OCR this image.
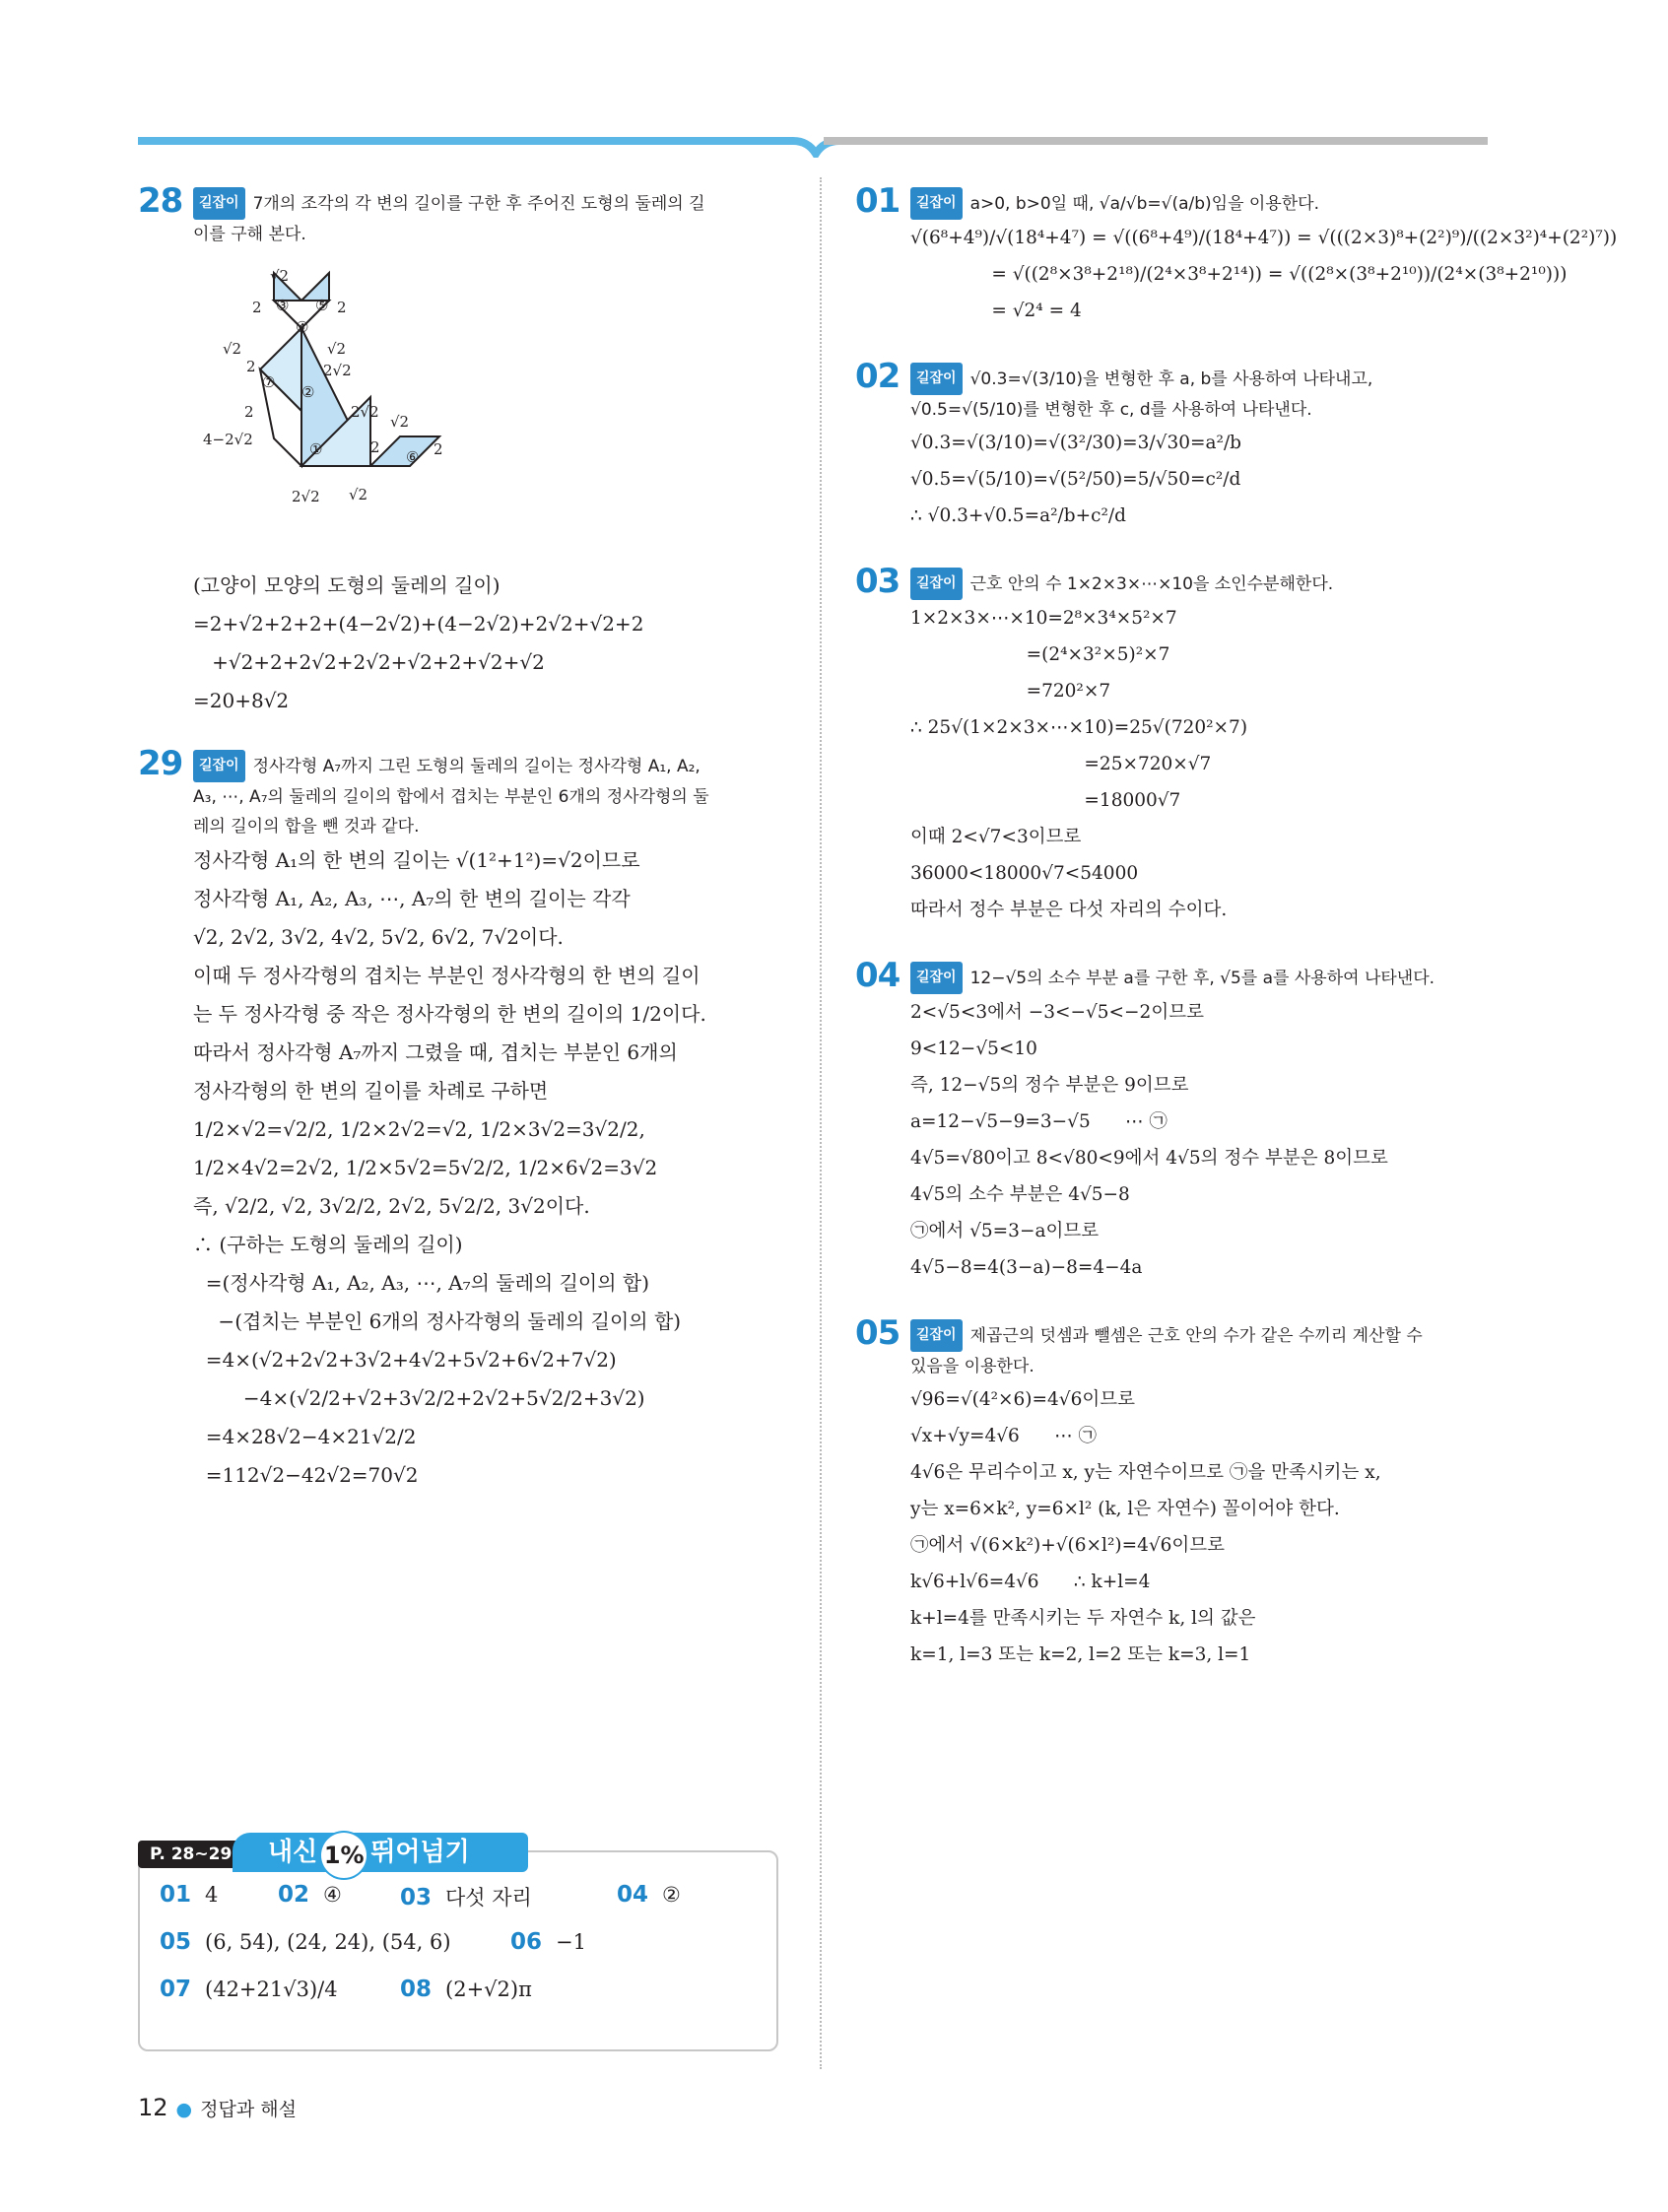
28	길잡이 7개의 조각의 각 변의 길이를 구한 후 주어진 도형의 둘레의 길
이를 구해 본다.
√2
2 ③ ⑤ 2
④
√2	√2
2	2√2
⑦
②
2	2√2
√2
4−2√2
①	⑥ 2
2√2 √2
2
(고양이 모양의 도형의 둘레의 길이)
=2+√2+2+2+(4−2√2)+(4−2√2)+2√2+√2+2
+√2+2+2√2+2√2+√2+2+√2+√2
=20+8√2
29	길잡이 정사각형 A₇까지 그린 도형의 둘레의 길이는 정사각형 A₁, A₂,
A₃, ⋯, A₇의 둘레의 길이의 합에서 겹치는 부분인 6개의 정사각형의 둘
레의 길이의 합을 뺀 것과 같다.
정사각형 A₁의 한 변의 길이는 √(1²+1²)=√2이므로
정사각형 A₁, A₂, A₃, ⋯, A₇의 한 변의 길이는 각각
√2, 2√2, 3√2, 4√2, 5√2, 6√2, 7√2이다.
이때 두 정사각형의 겹치는 부분인 정사각형의 한 변의 길이
는 두 정사각형 중 작은 정사각형의 한 변의 길이의 1/2이다.
따라서 정사각형 A₇까지 그렸을 때, 겹치는 부분인 6개의
정사각형의 한 변의 길이를 차례로 구하면
1/2×√2=√2/2, 1/2×2√2=√2, 1/2×3√2=3√2/2,
1/2×4√2=2√2, 1/2×5√2=5√2/2, 1/2×6√2=3√2
즉, √2/2, √2, 3√2/2, 2√2, 5√2/2, 3√2이다.
∴ (구하는 도형의 둘레의 길이)
=(정사각형 A₁, A₂, A₃, ⋯, A₇의 둘레의 길이의 합)
−(겹치는 부분인 6개의 정사각형의 둘레의 길이의 합)
=4×(√2+2√2+3√2+4√2+5√2+6√2+7√2)
−4×(√2/2+√2+3√2/2+2√2+5√2/2+3√2)
=4×28√2−4×21√2/2
=112√2−42√2=70√2
01 4	02 ④	03 다섯 자리	04 ②
05 (6, 54), (24, 24), (54, 6)	06 −1
07 (42+21√3)/4	08 (2+√2)π
P. 28~29	내신 1% 뛰어넘기
01	길잡이 a>0, b>0일 때, √a/√b=√(a/b)임을 이용한다.
√(6⁸+4⁹)/√(18⁴+4⁷) = √((6⁸+4⁹)/(18⁴+4⁷)) = √(((2×3)⁸+(2²)⁹)/((2×3²)⁴+(2²)⁷))
= √((2⁸×3⁸+2¹⁸)/(2⁴×3⁸+2¹⁴)) = √((2⁸×(3⁸+2¹⁰))/(2⁴×(3⁸+2¹⁰)))
= √2⁴ = 4
02	길잡이 √0.3=√(3/10)을 변형한 후 a, b를 사용하여 나타내고,
√0.5=√(5/10)를 변형한 후 c, d를 사용하여 나타낸다.
√0.3=√(3/10)=√(3²/30)=3/√30=a²/b
√0.5=√(5/10)=√(5²/50)=5/√50=c²/d
∴ √0.3+√0.5=a²/b+c²/d
03	길잡이 근호 안의 수 1×2×3×⋯×10을 소인수분해한다.
1×2×3×⋯×10=2⁸×3⁴×5²×7
=(2⁴×3²×5)²×7
=720²×7
∴ 25√(1×2×3×⋯×10)=25√(720²×7)
=25×720×√7
=18000√7
이때 2<√7<3이므로
36000<18000√7<54000
따라서 정수 부분은 다섯 자리의 수이다.
04	길잡이 12−√5의 소수 부분 a를 구한 후, √5를 a를 사용하여 나타낸다.
2<√5<3에서 −3<−√5<−2이므로
9<12−√5<10
즉, 12−√5의 정수 부분은 9이므로
a=12−√5−9=3−√5      ⋯ ㉠
4√5=√80이고 8<√80<9에서 4√5의 정수 부분은 8이므로
4√5의 소수 부분은 4√5−8
㉠에서 √5=3−a이므로
4√5−8=4(3−a)−8=4−4a
05	길잡이 제곱근의 덧셈과 뺄셈은 근호 안의 수가 같은 수끼리 계산할 수
있음을 이용한다.
√96=√(4²×6)=4√6이므로
√x+√y=4√6      ⋯ ㉠
4√6은 무리수이고 x, y는 자연수이므로 ㉠을 만족시키는 x,
y는 x=6×k², y=6×l² (k, l은 자연수) 꼴이어야 한다.
㉠에서 √(6×k²)+√(6×l²)=4√6이므로
k√6+l√6=4√6      ∴ k+l=4
k+l=4를 만족시키는 두 자연수 k, l의 값은
k=1, l=3 또는 k=2, l=2 또는 k=3, l=1
12 ● 정답과 해설
